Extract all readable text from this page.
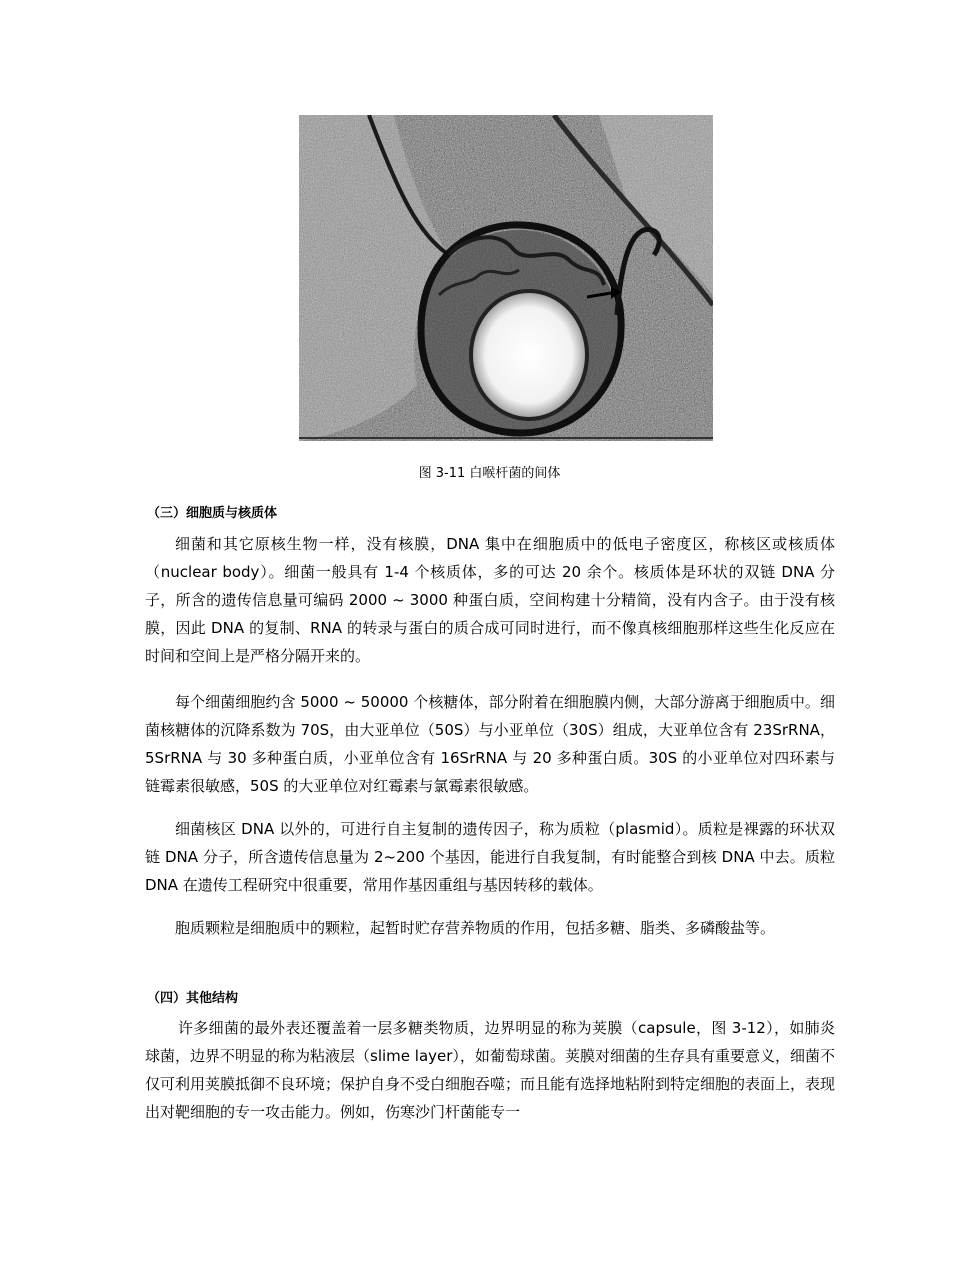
图 3-11 白喉杆菌的间体
（三）细胞质与核质体

细菌和其它原核生物一样，没有核膜，DNA 集中在细胞质中的低电子密度区，称核区或核质体（nuclear body）。细菌一般具有 1-4 个核质体，多的可达 20 余个。核质体是环状的双链 DNA 分子，所含的遗传信息量可编码 2000 ~ 3000 种蛋白质，空间构建十分精简，没有内含子。由于没有核膜，因此 DNA 的复制、RNA 的转录与蛋白的质合成可同时进行，而不像真核细胞那样这些生化反应在时间和空间上是严格分隔开来的。

每个细菌细胞约含 5000 ~ 50000 个核糖体，部分附着在细胞膜内侧，大部分游离于细胞质中。细菌核糖体的沉降系数为 70S，由大亚单位（50S）与小亚单位（30S）组成，大亚单位含有 23SrRNA，5SrRNA 与 30 多种蛋白质，小亚单位含有 16SrRNA 与 20 多种蛋白质。30S 的小亚单位对四环素与链霉素很敏感，50S 的大亚单位对红霉素与氯霉素很敏感。

细菌核区 DNA 以外的，可进行自主复制的遗传因子，称为质粒（plasmid）。质粒是裸露的环状双链 DNA 分子，所含遗传信息量为 2~200 个基因，能进行自我复制，有时能整合到核 DNA 中去。质粒 DNA 在遗传工程研究中很重要，常用作基因重组与基因转移的载体。

胞质颗粒是细胞质中的颗粒，起暂时贮存营养物质的作用，包括多糖、脂类、多磷酸盐等。

（四）其他结构

许多细菌的最外表还覆盖着一层多糖类物质，边界明显的称为荚膜（capsule，图 3-12），如肺炎球菌，边界不明显的称为粘液层（slime layer），如葡萄球菌。荚膜对细菌的生存具有重要意义，细菌不仅可利用荚膜抵御不良环境；保护自身不受白细胞吞噬；而且能有选择地粘附到特定细胞的表面上，表现出对靶细胞的专一攻击能力。例如，伤寒沙门杆菌能专一
